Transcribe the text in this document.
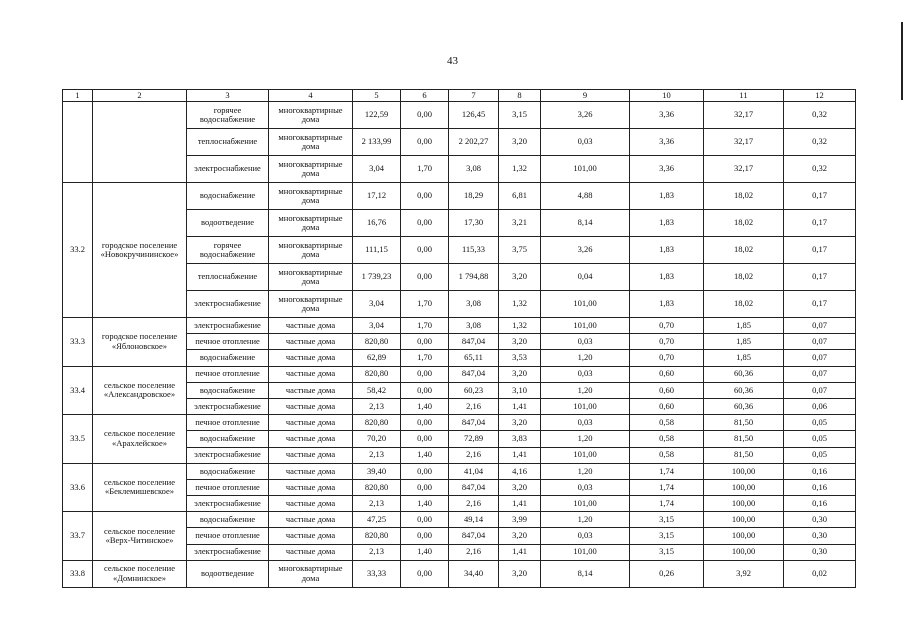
43
1	2	3	4	5	6	7	8	9	10	11	12
		горячее водоснабжение	многоквартирные дома	122,59	0,00	126,45	3,15	3,26	3,36	32,17	0,32
		теплоснабжение	многоквартирные дома	2 133,99	0,00	2 202,27	3,20	0,03	3,36	32,17	0,32
		электроснабжение	многоквартирные дома	3,04	1,70	3,08	1,32	101,00	3,36	32,17	0,32
33.2	городское поселение «Новокручининское»	водоснабжение	многоквартирные дома	17,12	0,00	18,29	6,81	4,88	1,83	18,02	0,17
		водоотведение	многоквартирные дома	16,76	0,00	17,30	3,21	8,14	1,83	18,02	0,17
		горячее водоснабжение	многоквартирные дома	111,15	0,00	115,33	3,75	3,26	1,83	18,02	0,17
		теплоснабжение	многоквартирные дома	1 739,23	0,00	1 794,88	3,20	0,04	1,83	18,02	0,17
		электроснабжение	многоквартирные дома	3,04	1,70	3,08	1,32	101,00	1,83	18,02	0,17
33.3	городское поселение «Яблоновское»	электроснабжение	частные дома	3,04	1,70	3,08	1,32	101,00	0,70	1,85	0,07
		печное отопление	частные дома	820,80	0,00	847,04	3,20	0,03	0,70	1,85	0,07
		водоснабжение	частные дома	62,89	1,70	65,11	3,53	1,20	0,70	1,85	0,07
33.4	сельское поселение «Александровское»	печное отопление	частные дома	820,80	0,00	847,04	3,20	0,03	0,60	60,36	0,07
		водоснабжение	частные дома	58,42	0,00	60,23	3,10	1,20	0,60	60,36	0,07
		электроснабжение	частные дома	2,13	1,40	2,16	1,41	101,00	0,60	60,36	0,06
33.5	сельское поселение «Арахлейское»	печное отопление	частные дома	820,80	0,00	847,04	3,20	0,03	0,58	81,50	0,05
		водоснабжение	частные дома	70,20	0,00	72,89	3,83	1,20	0,58	81,50	0,05
		электроснабжение	частные дома	2,13	1,40	2,16	1,41	101,00	0,58	81,50	0,05
33.6	сельское поселение «Беклемишевское»	водоснабжение	частные дома	39,40	0,00	41,04	4,16	1,20	1,74	100,00	0,16
		печное отопление	частные дома	820,80	0,00	847,04	3,20	0,03	1,74	100,00	0,16
		электроснабжение	частные дома	2,13	1,40	2,16	1,41	101,00	1,74	100,00	0,16
33.7	сельское поселение «Верх-Читинское»	водоснабжение	частные дома	47,25	0,00	49,14	3,99	1,20	3,15	100,00	0,30
		печное отопление	частные дома	820,80	0,00	847,04	3,20	0,03	3,15	100,00	0,30
		электроснабжение	частные дома	2,13	1,40	2,16	1,41	101,00	3,15	100,00	0,30
33.8	сельское поселение «Домнинское»	водоотведение	многоквартирные дома	33,33	0,00	34,40	3,20	8,14	0,26	3,92	0,02
